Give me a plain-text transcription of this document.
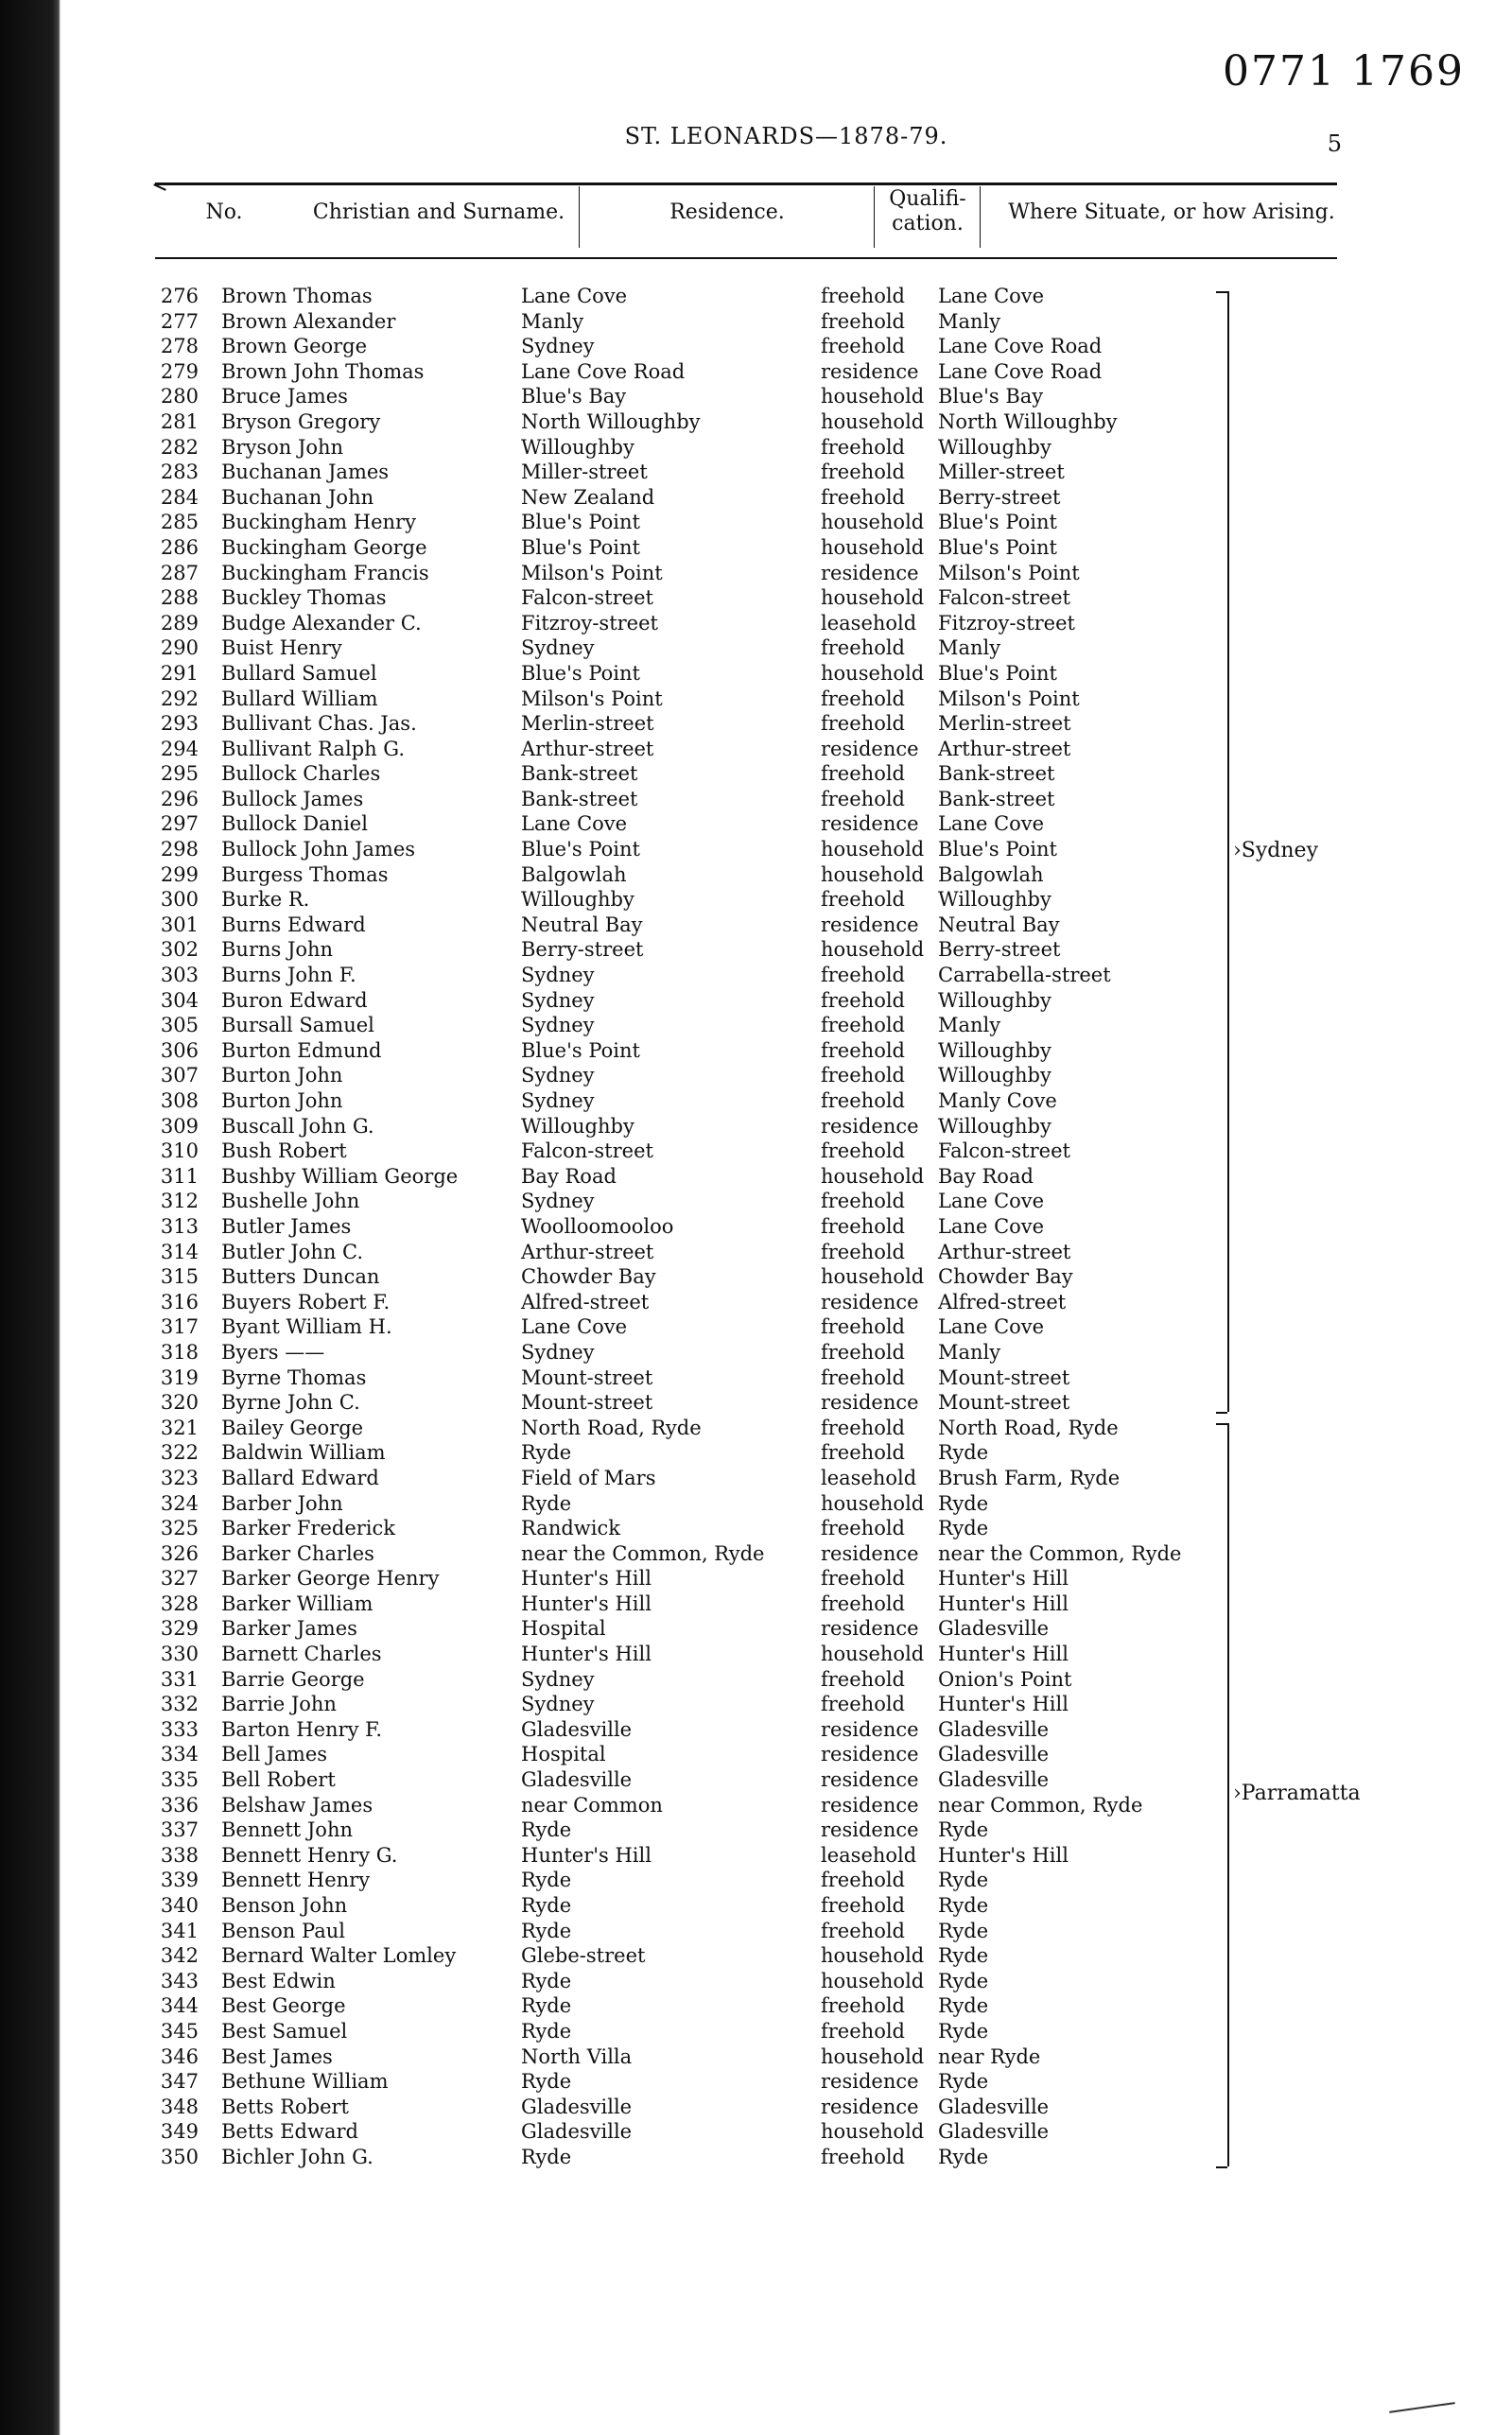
0771 1769
ST. LEONARDS—1878-79.	5
No.	Christian and Surname.	Residence.
Qualifi-
cation.	Where Situate, or how Arising.
276 Brown Thomas	Lane Cove	freehold Lane Cove
277 Brown Alexander	Manly	freehold Manly
278 Brown George	Sydney	freehold Lane Cove Road
279 Brown John Thomas	Lane Cove Road	residence Lane Cove Road
280 Bruce James	Blue's Bay	household Blue's Bay
281 Bryson Gregory	North Willoughby	household North Willoughby
282 Bryson John	Willoughby	freehold Willoughby
283 Buchanan James	Miller-street	freehold Miller-street
284 Buchanan John	New Zealand	freehold Berry-street
285 Buckingham Henry	Blue's Point	household Blue's Point
286 Buckingham George	Blue's Point	household Blue's Point
287 Buckingham Francis	Milson's Point	residence Milson's Point
288 Buckley Thomas	Falcon-street	household Falcon-street
289 Budge Alexander C.	Fitzroy-street	leasehold Fitzroy-street
290 Buist Henry	Sydney	freehold Manly
291 Bullard Samuel	Blue's Point	household Blue's Point
292 Bullard William	Milson's Point	freehold Milson's Point
293 Bullivant Chas. Jas.	Merlin-street	freehold Merlin-street
294 Bullivant Ralph G.	Arthur-street	residence Arthur-street
295 Bullock Charles	Bank-street	freehold Bank-street
296 Bullock James	Bank-street	freehold Bank-street
297 Bullock Daniel	Lane Cove	residence Lane Cove
298 Bullock John James	Blue's Point	household Blue's Point
299 Burgess Thomas	Balgowlah	household Balgowlah
300 Burke R.	Willoughby	freehold Willoughby
301 Burns Edward	Neutral Bay	residence Neutral Bay
302 Burns John	Berry-street	household Berry-street
303 Burns John F.	Sydney	freehold Carrabella-street
304 Buron Edward	Sydney	freehold Willoughby
305 Bursall Samuel	Sydney	freehold Manly
306 Burton Edmund	Blue's Point	freehold Willoughby
307 Burton John	Sydney	freehold Willoughby
308 Burton John	Sydney	freehold Manly Cove
309 Buscall John G.	Willoughby	residence Willoughby
310 Bush Robert	Falcon-street	freehold Falcon-street
311 Bushby William George	Bay Road	household Bay Road
312 Bushelle John	Sydney	freehold Lane Cove
313 Butler James	Woolloomooloo	freehold Lane Cove
314 Butler John C.	Arthur-street	freehold Arthur-street
315 Butters Duncan	Chowder Bay	household Chowder Bay
316 Buyers Robert F.	Alfred-street	residence Alfred-street
317 Byant William H.	Lane Cove	freehold Lane Cove
318 Byers ——	Sydney	freehold Manly
319 Byrne Thomas	Mount-street	freehold Mount-street
320 Byrne John C.	Mount-street	residence Mount-street
321 Bailey George	North Road, Ryde	freehold North Road, Ryde
322 Baldwin William	Ryde	freehold Ryde
323 Ballard Edward	Field of Mars	leasehold Brush Farm, Ryde
324 Barber John	Ryde	household Ryde
325 Barker Frederick	Randwick	freehold Ryde
326 Barker Charles	near the Common, Ryde	residence near the Common, Ryde
327 Barker George Henry	Hunter's Hill	freehold Hunter's Hill
328 Barker William	Hunter's Hill	freehold Hunter's Hill
329 Barker James	Hospital	residence Gladesville
330 Barnett Charles	Hunter's Hill	household Hunter's Hill
331 Barrie George	Sydney	freehold Onion's Point
332 Barrie John	Sydney	freehold Hunter's Hill
333 Barton Henry F.	Gladesville	residence Gladesville
334 Bell James	Hospital	residence Gladesville
335 Bell Robert	Gladesville	residence Gladesville
336 Belshaw James	near Common	residence near Common, Ryde
337 Bennett John	Ryde	residence Ryde
338 Bennett Henry G.	Hunter's Hill	leasehold Hunter's Hill
339 Bennett Henry	Ryde	freehold Ryde
340 Benson John	Ryde	freehold Ryde
341 Benson Paul	Ryde	freehold Ryde
342 Bernard Walter Lomley	Glebe-street	household Ryde
343 Best Edwin	Ryde	household Ryde
344 Best George	Ryde	freehold Ryde
345 Best Samuel	Ryde	freehold Ryde
346 Best James	North Villa	household near Ryde
347 Bethune William	Ryde	residence Ryde
348 Betts Robert	Gladesville	residence Gladesville
349 Betts Edward	Gladesville	household Gladesville
350 Bichler John G.	Ryde	freehold Ryde
›Sydney
›Parramatta
